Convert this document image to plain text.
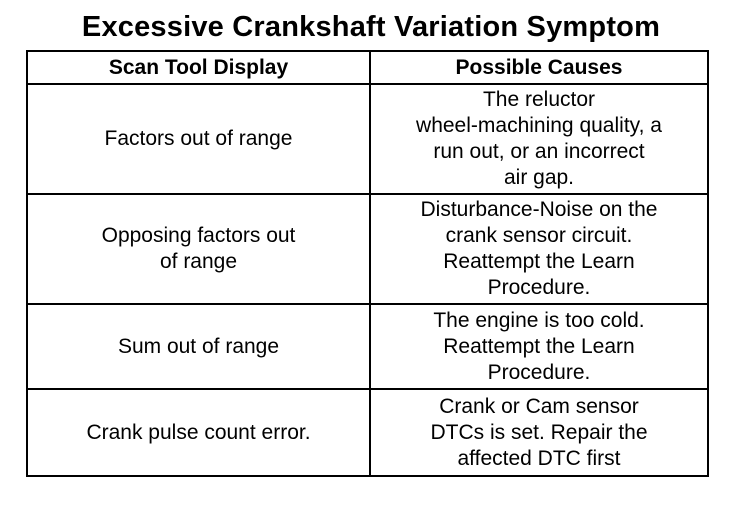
Excessive Crankshaft Variation Symptom
Scan Tool Display	Possible Causes

Factors out of range	The reluctor
wheel-machining quality, a
run out, or an incorrect
air gap.

Opposing factors out
of range	Disturbance-Noise on the
crank sensor circuit.
Reattempt the Learn
Procedure.

Sum out of range	The engine is too cold.
Reattempt the Learn
Procedure.

Crank pulse count error.	Crank or Cam sensor
DTCs is set. Repair the
affected DTC first
